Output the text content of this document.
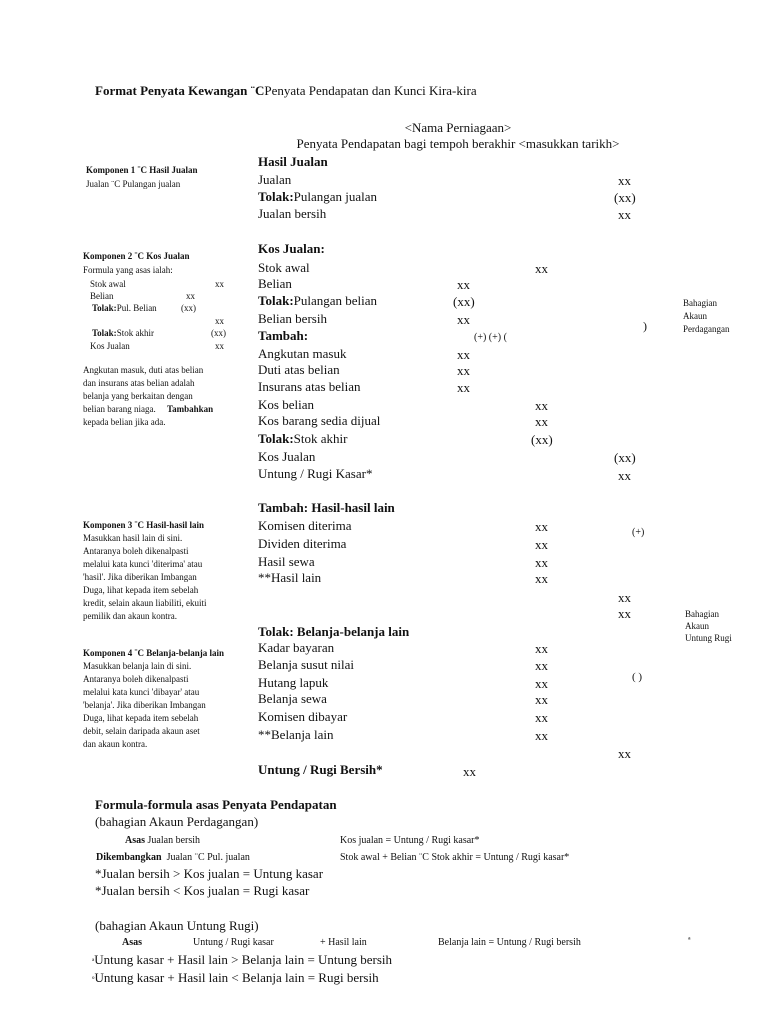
Format Penyata Kewangan ¨CPenyata Pendapatan dan Kunci Kira-kira
<Nama Perniagaan>
Penyata Pendapatan bagi tempoh berakhir <masukkan tarikh>
Komponen 1 ¨C Hasil Jualan
Jualan ¨C Pulangan jualan
Komponen 2 ¨C Kos Jualan
Formula yang asas ialah:
Stok awal	xx
Belian	xx
Tolak:Pul. Belian	(xx)
xx
Tolak:Stok akhir	(xx)
Kos Jualan	xx
Angkutan masuk, duti atas belian
dan insurans atas belian adalah
belanja yang berkaitan dengan
belian barang niaga. Tambahkan
kepada belian jika ada.
Komponen 3 ¨C Hasil-hasil lain
Masukkan hasil lain di sini.
Antaranya boleh dikenalpasti
melalui kata kunci 'diterima' atau
'hasil'. Jika diberikan Imbangan
Duga, lihat kepada item sebelah
kredit, selain akaun liabiliti, ekuiti
pemilik dan akaun kontra.
Komponen 4 ¨C Belanja-belanja lain
Masukkan belanja lain di sini.
Antaranya boleh dikenalpasti
melalui kata kunci 'dibayar' atau
'belanja'. Jika diberikan Imbangan
Duga, lihat kepada item sebelah
debit, selain daripada akaun aset
dan akaun kontra.
Hasil Jualan
Jualan	xx
Tolak:Pulangan jualan	(xx)
Jualan bersih	xx
Kos Jualan:
Stok awal	xx
Belian	xx
Tolak:Pulangan belian	(xx)
Belian bersih	xx	)
Tambah:	(+) (+) (
Angkutan masuk	xx
Duti atas belian	xx
Insurans atas belian	xx
Kos belian	xx
Kos barang sedia dijual	xx
Tolak:Stok akhir	(xx)
Kos Jualan	(xx)
Untung / Rugi Kasar*	xx
Tambah: Hasil-hasil lain
Komisen diterima	xx	(+)
Dividen diterima	xx
Hasil sewa	xx
**Hasil lain	xx
xx
xx
Tolak: Belanja-belanja lain
Kadar bayaran	xx
Belanja susut nilai	xx
Hutang lapuk	xx	( )
Belanja sewa	xx
Komisen dibayar	xx
**Belanja lain	xx
xx
Untung / Rugi Bersih*	xx
Bahagian
Akaun
Perdagangan
Bahagian
Akaun
Untung Rugi
Formula-formula asas Penyata Pendapatan
(bahagian Akaun Perdagangan)
Asas Jualan bersih	Kos jualan = Untung / Rugi kasar*
Dikembangkan Jualan ¨C Pul. jualan	Stok awal + Belian ¨C Stok akhir = Untung / Rugi kasar*
*Jualan bersih > Kos jualan = Untung kasar
*Jualan bersih < Kos jualan = Rugi kasar
(bahagian Akaun Untung Rugi)
Asas	Untung / Rugi kasar	+ Hasil lain	Belanja lain = Untung / Rugi bersih	ª
ªUntung kasar + Hasil lain > Belanja lain = Untung bersih
ºUntung kasar + Hasil lain < Belanja lain = Rugi bersih
